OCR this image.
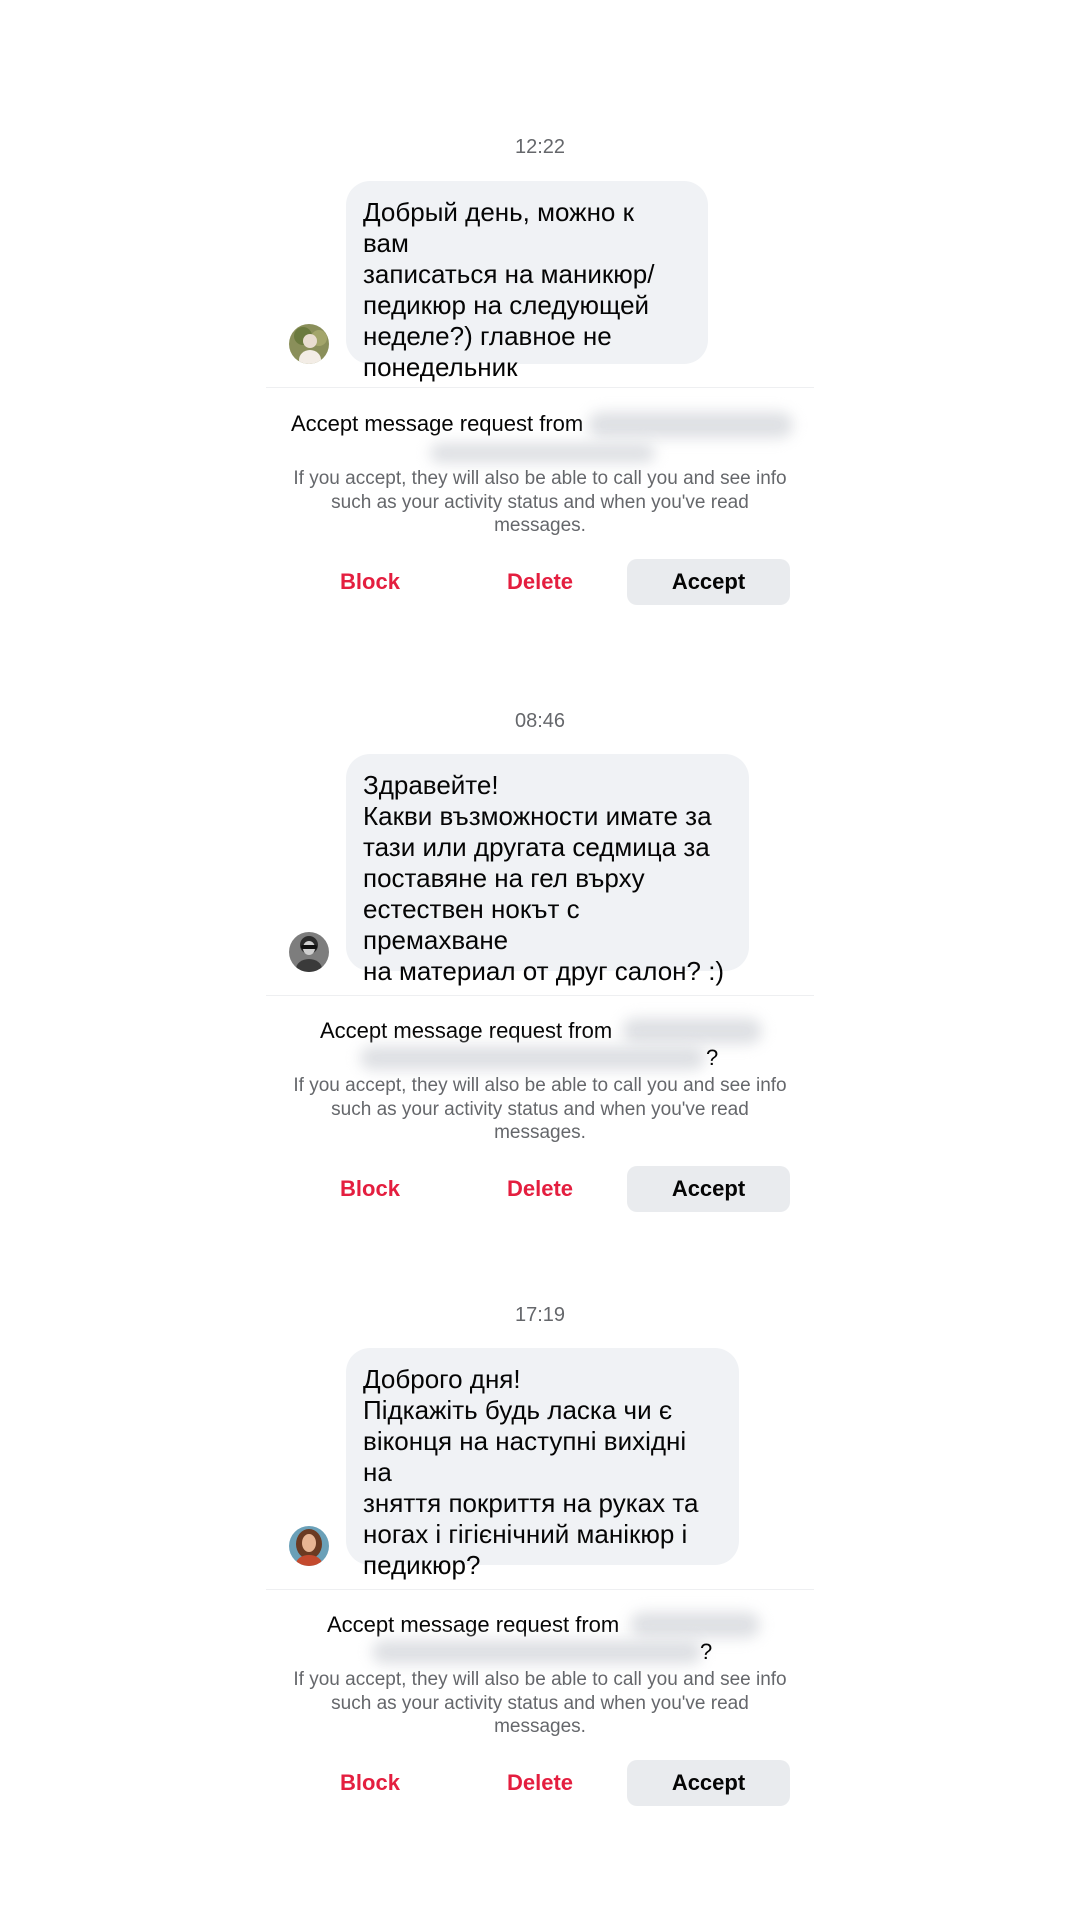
12:22
Добрый день, можно к вам
записаться на маникюр/
педикюр на следующей
неделе?) главное не
понедельник
Accept message request from
If you accept, they will also be able to call you and see info such as your activity status and when you've read messages.
Block	Delete	Accept
08:46
Здравейте!
Какви възможности имате за
тази или другата седмица за
поставяне на гел върху
естествен нокът с премахване
на материал от друг салон? :)
Accept message request from
?
If you accept, they will also be able to call you and see info such as your activity status and when you've read messages.
Block	Delete	Accept
17:19
Доброго дня!
Підкажіть будь ласка чи є
віконця на наступні вихідні на
зняття покриття на руках та
ногах і гігієнічний манікюр і
педикюр?
Accept message request from
?
If you accept, they will also be able to call you and see info such as your activity status and when you've read messages.
Block	Delete	Accept
